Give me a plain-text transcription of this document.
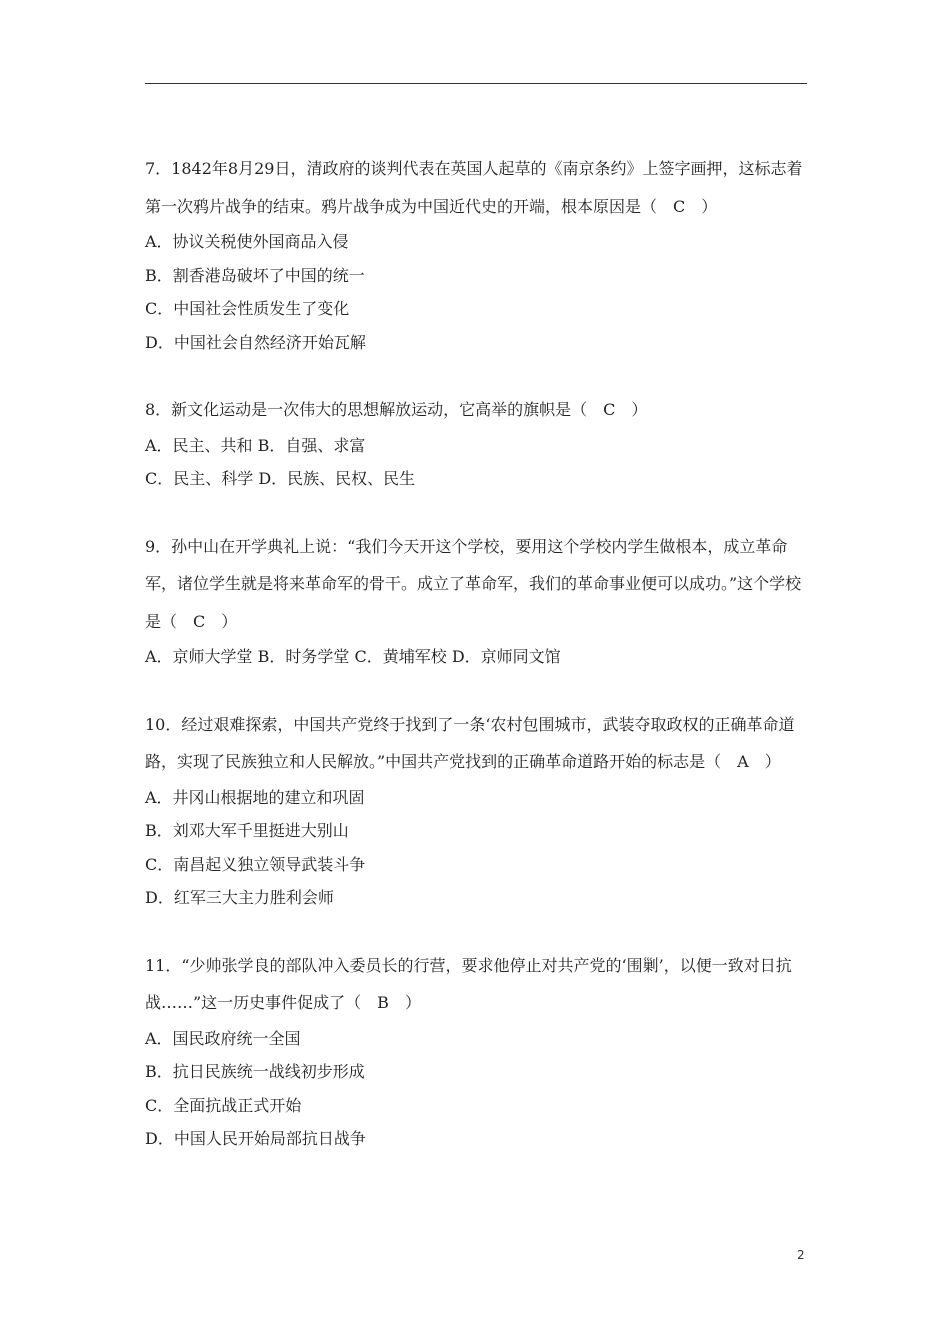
7．1842年8月29日，清政府的谈判代表在英国人起草的《南京条约》上签字画押，这标志着第一次鸦片战争的结束。鸦片战争成为中国近代史的开端，根本原因是（　C　）

A．协议关税使外国商品入侵

B．割香港岛破坏了中国的统一

C．中国社会性质发生了变化

D．中国社会自然经济开始瓦解

8．新文化运动是一次伟大的思想解放运动，它高举的旗帜是（　C　）

A．民主、共和 B．自强、求富

C．民主、科学 D．民族、民权、民生

9．孙中山在开学典礼上说：“我们今天开这个学校，要用这个学校内学生做根本，成立革命军，诸位学生就是将来革命军的骨干。成立了革命军，我们的革命事业便可以成功。”这个学校是（　C　）

A．京师大学堂 B．时务学堂 C．黄埔军校 D．京师同文馆

10．经过艰难探索，中国共产党终于找到了一条‘农村包围城市，武装夺取政权的正确革命道路，实现了民族独立和人民解放。”中国共产党找到的正确革命道路开始的标志是（　A　）

A．井冈山根据地的建立和巩固

B．刘邓大军千里挺进大别山

C．南昌起义独立领导武装斗争

D．红军三大主力胜利会师

11．“少帅张学良的部队冲入委员长的行营，要求他停止对共产党的‘围剿’，以便一致对日抗战……”这一历史事件促成了（　B　）

A．国民政府统一全国

B．抗日民族统一战线初步形成

C．全面抗战正式开始

D．中国人民开始局部抗日战争

2
